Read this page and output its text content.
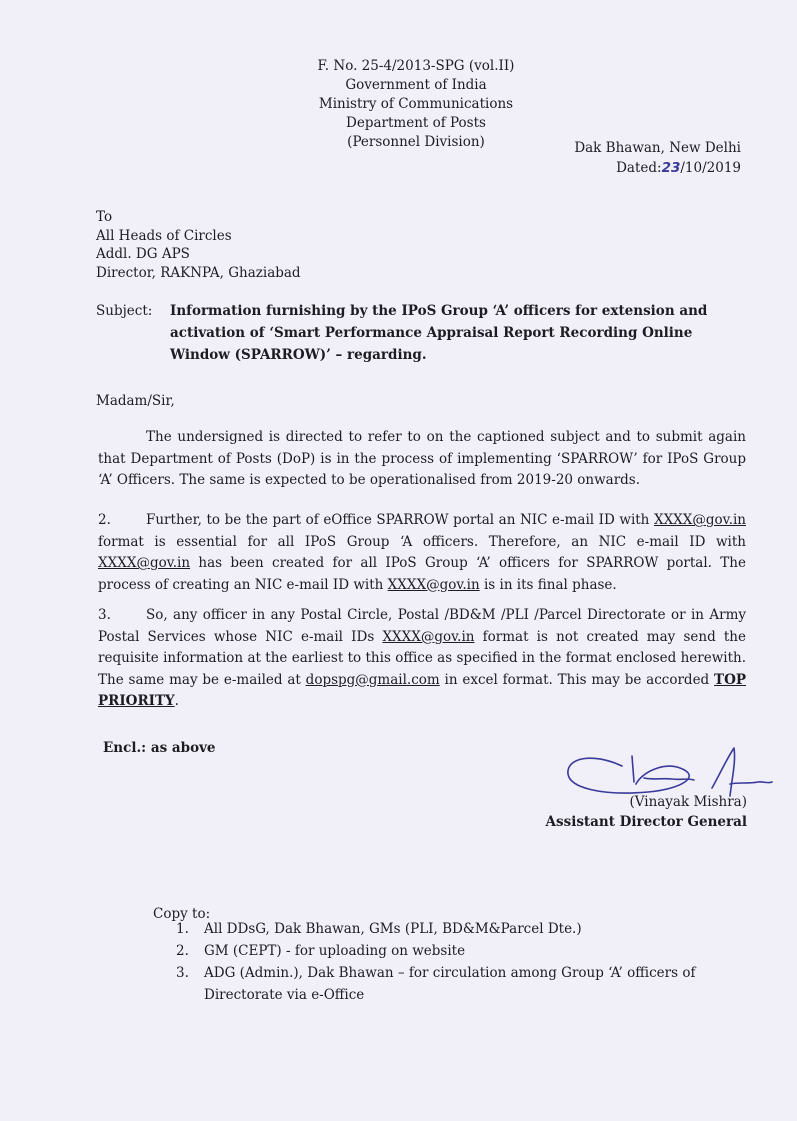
F. No. 25-4/2013-SPG (vol.II)
Government of India
Ministry of Communications
Department of Posts
(Personnel Division)	Dak Bhawan, New Delhi
Dated:23/10/2019
To
All Heads of Circles
Addl. DG APS
Director, RAKNPA, Ghaziabad
Subject: Information furnishing by the IPoS Group ‘A’ officers for extension and activation of ‘Smart Performance Appraisal Report Recording Online Window (SPARROW)’ – regarding.
Madam/Sir,
The undersigned is directed to refer to on the captioned subject and to submit again that Department of Posts (DoP) is in the process of implementing ‘SPARROW’ for IPoS Group ‘A’ Officers. The same is expected to be operationalised from 2019-20 onwards.
2.	Further, to be the part of eOffice SPARROW portal an NIC e-mail ID with XXXX@gov.in format is essential for all IPoS Group ‘A officers. Therefore, an NIC e-mail ID with XXXX@gov.in has been created for all IPoS Group ‘A’ officers for SPARROW portal. The process of creating an NIC e-mail ID with XXXX@gov.in is in its final phase.
3.	So, any officer in any Postal Circle, Postal /BD&M /PLI /Parcel Directorate or in Army Postal Services whose NIC e-mail IDs XXXX@gov.in format is not created may send the requisite information at the earliest to this office as specified in the format enclosed herewith. The same may be e-mailed at dopspg@gmail.com in excel format. This may be accorded TOP PRIORITY.
Encl.: as above
(Vinayak Mishra)
Assistant Director General
Copy to:
1. All DDsG, Dak Bhawan, GMs (PLI, BD&M&Parcel Dte.)
2. GM (CEPT) - for uploading on website
3. ADG (Admin.), Dak Bhawan – for circulation among Group ‘A’ officers of Directorate via e-Office
